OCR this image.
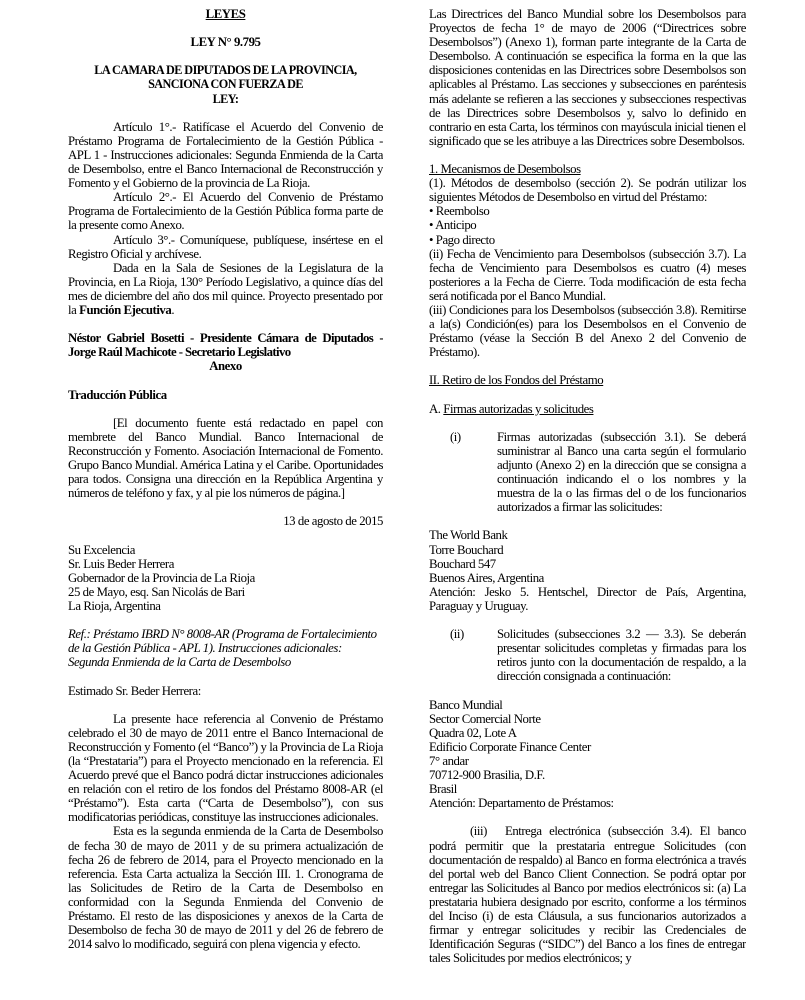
LEYES
LEY N° 9.795
LA CAMARA DE DIPUTADOS DE LA PROVINCIA,
SANCIONA CON FUERZA DE
LEY:
Artículo 1°.- Ratifícase el Acuerdo del Convenio de Préstamo Programa de Fortalecimiento de la Gestión Pública - APL 1 - Instrucciones adicionales: Segunda Enmienda de la Carta de Desembolso, entre el Banco Internacional de Reconstrucción y Fomento y el Gobierno de la provincia de La Rioja.
Artículo 2°.- El Acuerdo del Convenio de Préstamo Programa de Fortalecimiento de la Gestión Pública forma parte de la presente como Anexo.
Artículo 3°.- Comuníquese, publíquese, insértese en el Registro Oficial y archívese.
Dada en la Sala de Sesiones de la Legislatura de la Provincia, en La Rioja, 130° Período Legislativo, a quince días del mes de diciembre del año dos mil quince. Proyecto presentado por la Función Ejecutiva.
Néstor Gabriel Bosetti - Presidente Cámara de Diputados -
Jorge Raúl Machicote - Secretario Legislativo
Anexo
Traducción Pública
[El documento fuente está redactado en papel con membrete del Banco Mundial. Banco Internacional de Reconstrucción y Fomento. Asociación Internacional de Fomento. Grupo Banco Mundial. América Latina y el Caribe. Oportunidades para todos. Consigna una dirección en la República Argentina y números de teléfono y fax, y al pie los números de página.]
13 de agosto de 2015
Su Excelencia
Sr. Luis Beder Herrera
Gobernador de la Provincia de La Rioja
25 de Mayo, esq. San Nicolás de Bari
La Rioja, Argentina
Ref.: Préstamo IBRD N° 8008-AR (Programa de Fortalecimiento
de la Gestión Pública - APL 1). Instrucciones adicionales:
Segunda Enmienda de la Carta de Desembolso
Estimado Sr. Beder Herrera:
La presente hace referencia al Convenio de Préstamo celebrado el 30 de mayo de 2011 entre el Banco Internacional de Reconstrucción y Fomento (el “Banco”) y la Provincia de La Rioja (la “Prestataria”) para el Proyecto mencionado en la referencia. El Acuerdo prevé que el Banco podrá dictar instrucciones adicionales en relación con el retiro de los fondos del Préstamo 8008-AR (el “Préstamo”). Esta carta (“Carta de Desembolso”), con sus modificatorias periódicas, constituye las instrucciones adicionales.
Esta es la segunda enmienda de la Carta de Desembolso de fecha 30 de mayo de 2011 y de su primera actualización de fecha 26 de febrero de 2014, para el Proyecto mencionado en la referencia. Esta Carta actualiza la Sección III. 1. Cronograma de las Solicitudes de Retiro de la Carta de Desembolso en conformidad con la Segunda Enmienda del Convenio de Préstamo. El resto de las disposiciones y anexos de la Carta de Desembolso de fecha 30 de mayo de 2011 y del 26 de febrero de 2014 salvo lo modificado, seguirá con plena vigencia y efecto.
Las Directrices del Banco Mundial sobre los Desembolsos para Proyectos de fecha 1° de mayo de 2006 (“Directrices sobre Desembolsos”) (Anexo 1), forman parte integrante de la Carta de Desembolso. A continuación se especifica la forma en la que las disposiciones contenidas en las Directrices sobre Desembolsos son aplicables al Préstamo. Las secciones y subsecciones en paréntesis más adelante se refieren a las secciones y subsecciones respectivas de las Directrices sobre Desembolsos y, salvo lo definido en contrario en esta Carta, los términos con mayúscula inicial tienen el significado que se les atribuye a las Directrices sobre Desembolsos.
1. Mecanismos de Desembolsos
(1). Métodos de desembolso (sección 2). Se podrán utilizar los siguientes Métodos de Desembolso en virtud del Préstamo:
• Reembolso
• Anticipo
• Pago directo
(ii) Fecha de Vencimiento para Desembolsos (subsección 3.7). La fecha de Vencimiento para Desembolsos es cuatro (4) meses posteriores a la Fecha de Cierre. Toda modificación de esta fecha será notificada por el Banco Mundial.
(iii) Condiciones para los Desembolsos (subsección 3.8). Remitirse a la(s) Condición(es) para los Desembolsos en el Convenio de Préstamo (véase la Sección B del Anexo 2 del Convenio de Préstamo).
II. Retiro de los Fondos del Préstamo
A. Firmas autorizadas y solicitudes
(i)	Firmas autorizadas (subsección 3.1). Se deberá suministrar al Banco una carta según el formulario adjunto (Anexo 2) en la dirección que se consigna a continuación indicando el o los nombres y la muestra de la o las firmas del o de los funcionarios autorizados a firmar las solicitudes:
The World Bank
Torre Bouchard
Bouchard 547
Buenos Aires, Argentina
Atención: Jesko 5. Hentschel, Director de País, Argentina, Paraguay y Uruguay.
(ii)	Solicitudes (subsecciones 3.2 — 3.3). Se deberán presentar solicitudes completas y firmadas para los retiros junto con la documentación de respaldo, a la dirección consignada a continuación:
Banco Mundial
Sector Comercial Norte
Quadra 02, Lote A
Edificio Corporate Finance Center
7° andar
70712-900 Brasilia, D.F.
Brasil
Atención: Departamento de Préstamos:
(iii) Entrega electrónica (subsección 3.4). El banco podrá permitir que la prestataria entregue Solicitudes (con documentación de respaldo) al Banco en forma electrónica a través del portal web del Banco Client Connection. Se podrá optar por entregar las Solicitudes al Banco por medios electrónicos si: (a) La prestataria hubiera designado por escrito, conforme a los términos del Inciso (i) de esta Cláusula, a sus funcionarios autorizados a firmar y entregar solicitudes y recibir las Credenciales de Identificación Seguras (“SIDC”) del Banco a los fines de entregar tales Solicitudes por medios electrónicos; y
